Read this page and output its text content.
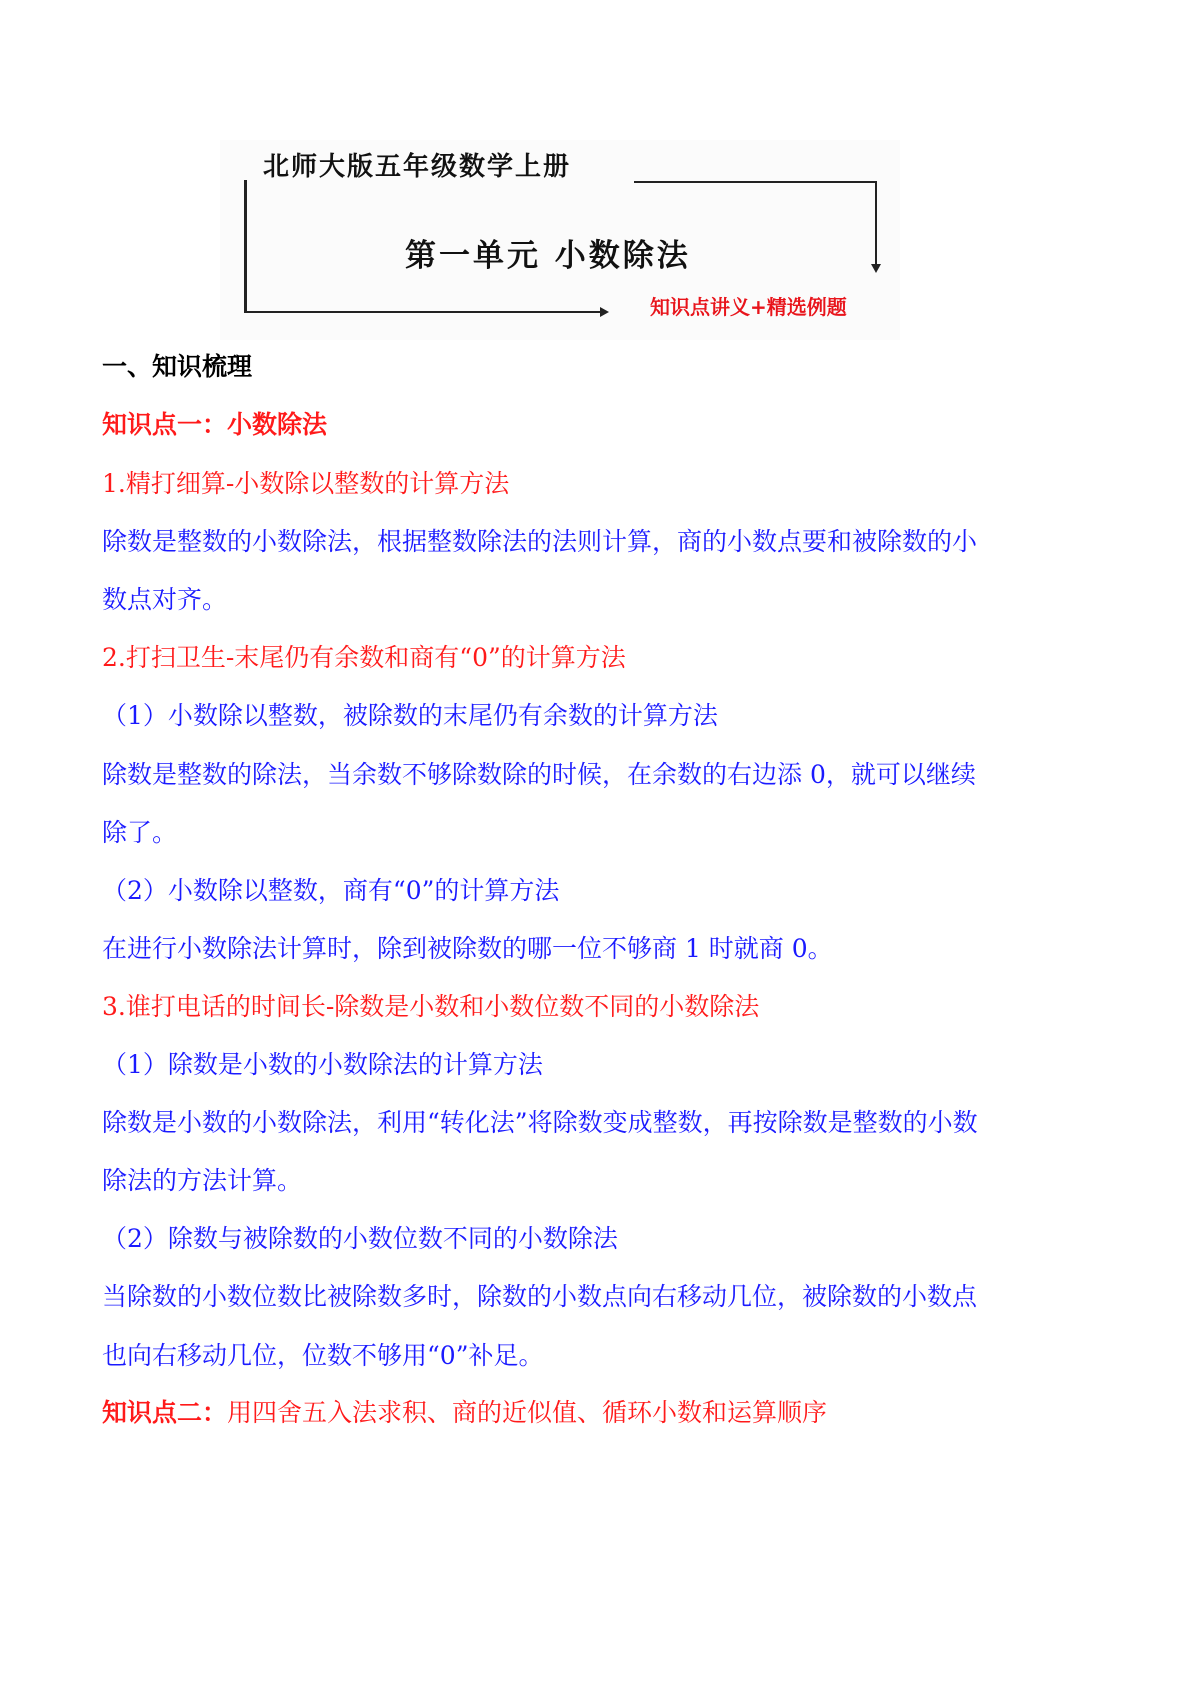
北师大版五年级数学上册
第一单元 小数除法
知识点讲义+精选例题
一、知识梳理
知识点一：小数除法
1.精打细算-小数除以整数的计算方法
除数是整数的小数除法，根据整数除法的法则计算，商的小数点要和被除数的小
数点对齐。
2.打扫卫生-末尾仍有余数和商有“0”的计算方法
（1）小数除以整数，被除数的末尾仍有余数的计算方法
除数是整数的除法，当余数不够除数除的时候，在余数的右边添 0，就可以继续
除了。
（2）小数除以整数，商有“0”的计算方法
在进行小数除法计算时，除到被除数的哪一位不够商 1 时就商 0。
3.谁打电话的时间长-除数是小数和小数位数不同的小数除法
（1）除数是小数的小数除法的计算方法
除数是小数的小数除法，利用“转化法”将除数变成整数，再按除数是整数的小数
除法的方法计算。
（2）除数与被除数的小数位数不同的小数除法
当除数的小数位数比被除数多时，除数的小数点向右移动几位，被除数的小数点
也向右移动几位，位数不够用“0”补足。
知识点二：用四舍五入法求积、商的近似值、循环小数和运算顺序
